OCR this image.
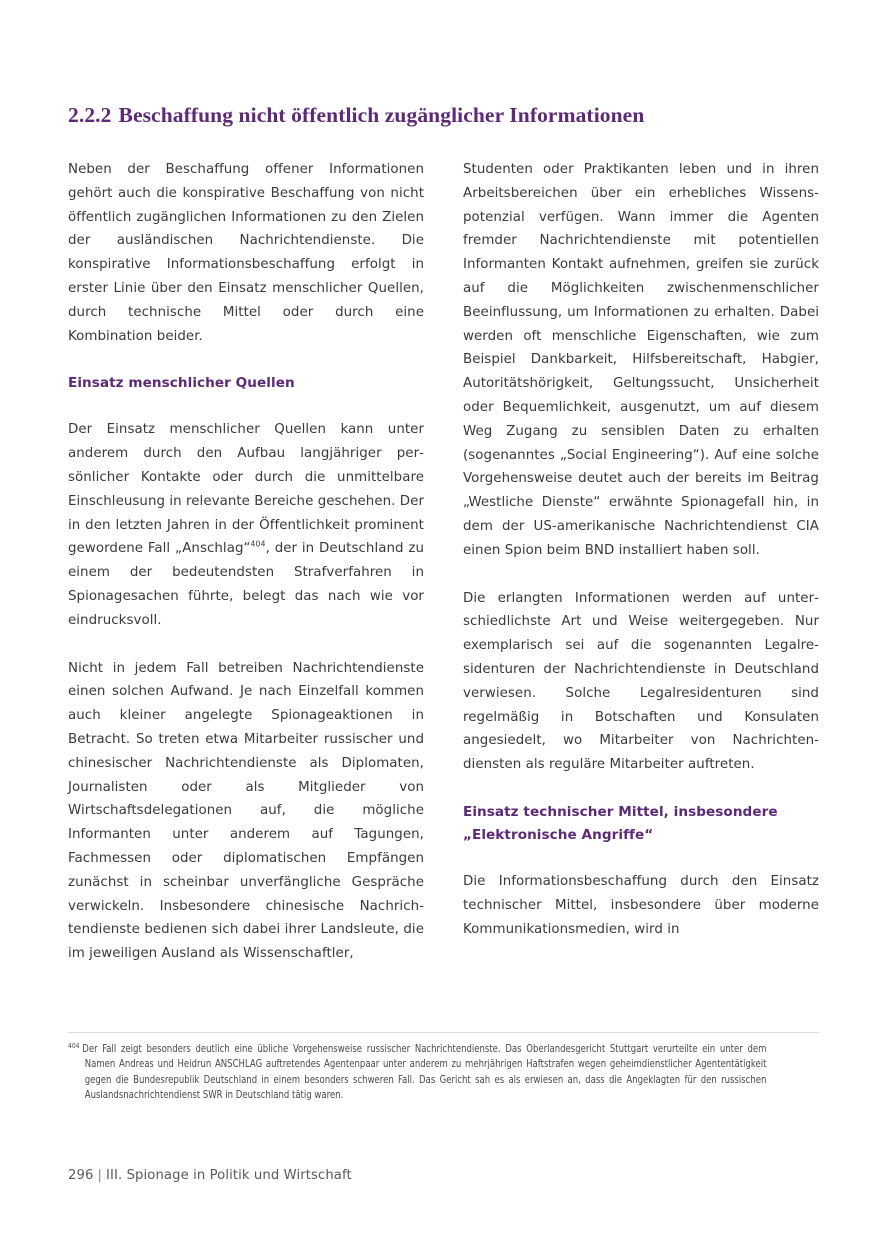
2.2.2 Beschaffung nicht öffentlich zugänglicher Informationen

Neben der Beschaffung offener Informationen gehört auch die konspirative Beschaffung von nicht öffentlich zugänglichen Informationen zu den Zielen der ausländischen Nachrichtendienste. Die konspirative Informationsbeschaffung erfolgt in erster Linie über den Einsatz menschlicher Quellen, durch technische Mittel oder durch eine Kombination beider.

Einsatz menschlicher Quellen

Der Einsatz menschlicher Quellen kann unter anderem durch den Aufbau langjähriger persönlicher Kontakte oder durch die unmittelbare Einschleusung in relevante Bereiche geschehen. Der in den letzten Jahren in der Öffentlichkeit prominent gewordene Fall „Anschlag“$^{404}$, der in Deutschland zu einem der bedeutendsten Strafverfahren in Spionagesachen führte, belegt das nach wie vor eindrucksvoll.

Nicht in jedem Fall betreiben Nachrichtendienste einen solchen Aufwand. Je nach Einzelfall kommen auch kleiner angelegte Spionageaktionen in Betracht. So treten etwa Mitarbeiter russischer und chinesischer Nachrichtendienste als Diplomaten, Journalisten oder als Mitglieder von Wirtschaftsdelegationen auf, die mögliche Informanten unter anderem auf Tagungen, Fachmessen oder diplomatischen Empfängen zunächst in scheinbar unverfängliche Gespräche verwickeln. Insbesondere chinesische Nachrichtendienste bedienen sich dabei ihrer Landsleute, die im jeweiligen Ausland als Wissenschaftler,

Studenten oder Praktikanten leben und in ihren Arbeitsbereichen über ein erhebliches Wissenspotenzial verfügen. Wann immer die Agenten fremder Nachrichtendienste mit potentiellen Informanten Kontakt aufnehmen, greifen sie zurück auf die Möglichkeiten zwischenmenschlicher Beeinflussung, um Informationen zu erhalten. Dabei werden oft menschliche Eigenschaften, wie zum Beispiel Dankbarkeit, Hilfsbereitschaft, Habgier, Autoritätshörigkeit, Geltungssucht, Unsicherheit oder Bequemlichkeit, ausgenutzt, um auf diesem Weg Zugang zu sensiblen Daten zu erhalten (sogenanntes „Social Engineering“). Auf eine solche Vorgehensweise deutet auch der bereits im Beitrag „Westliche Dienste“ erwähnte Spionagefall hin, in dem der US-amerikanische Nachrichtendienst CIA einen Spion beim BND installiert haben soll.

Die erlangten Informationen werden auf unterschiedlichste Art und Weise weitergegeben. Nur exemplarisch sei auf die sogenannten Legalresidenturen der Nachrichtendienste in Deutschland verwiesen. Solche Legalresidenturen sind regelmäßig in Botschaften und Konsulaten angesiedelt, wo Mitarbeiter von Nachrichtendiensten als reguläre Mitarbeiter auftreten.

Einsatz technischer Mittel, insbesondere
„Elektronische Angriffe“

Die Informationsbeschaffung durch den Einsatz technischer Mittel, insbesondere über moderne Kommunikationsmedien, wird in

$^{404}$ Der Fall zeigt besonders deutlich eine übliche Vorgehensweise russischer Nachrichtendienste. Das Oberlandesgericht Stuttgart verurteilte ein unter dem Namen Andreas und Heidrun ANSCHLAG auftretendes Agentenpaar unter anderem zu mehrjährigen Haftstrafen wegen geheimdienstlicher Agententätigkeit gegen die Bundesrepublik Deutschland in einem besonders schweren Fall. Das Gericht sah es als erwiesen an, dass die Angeklagten für den russischen Auslandsnachrichtendienst SWR in Deutschland tätig waren.
296 | III. Spionage in Politik und Wirtschaft
